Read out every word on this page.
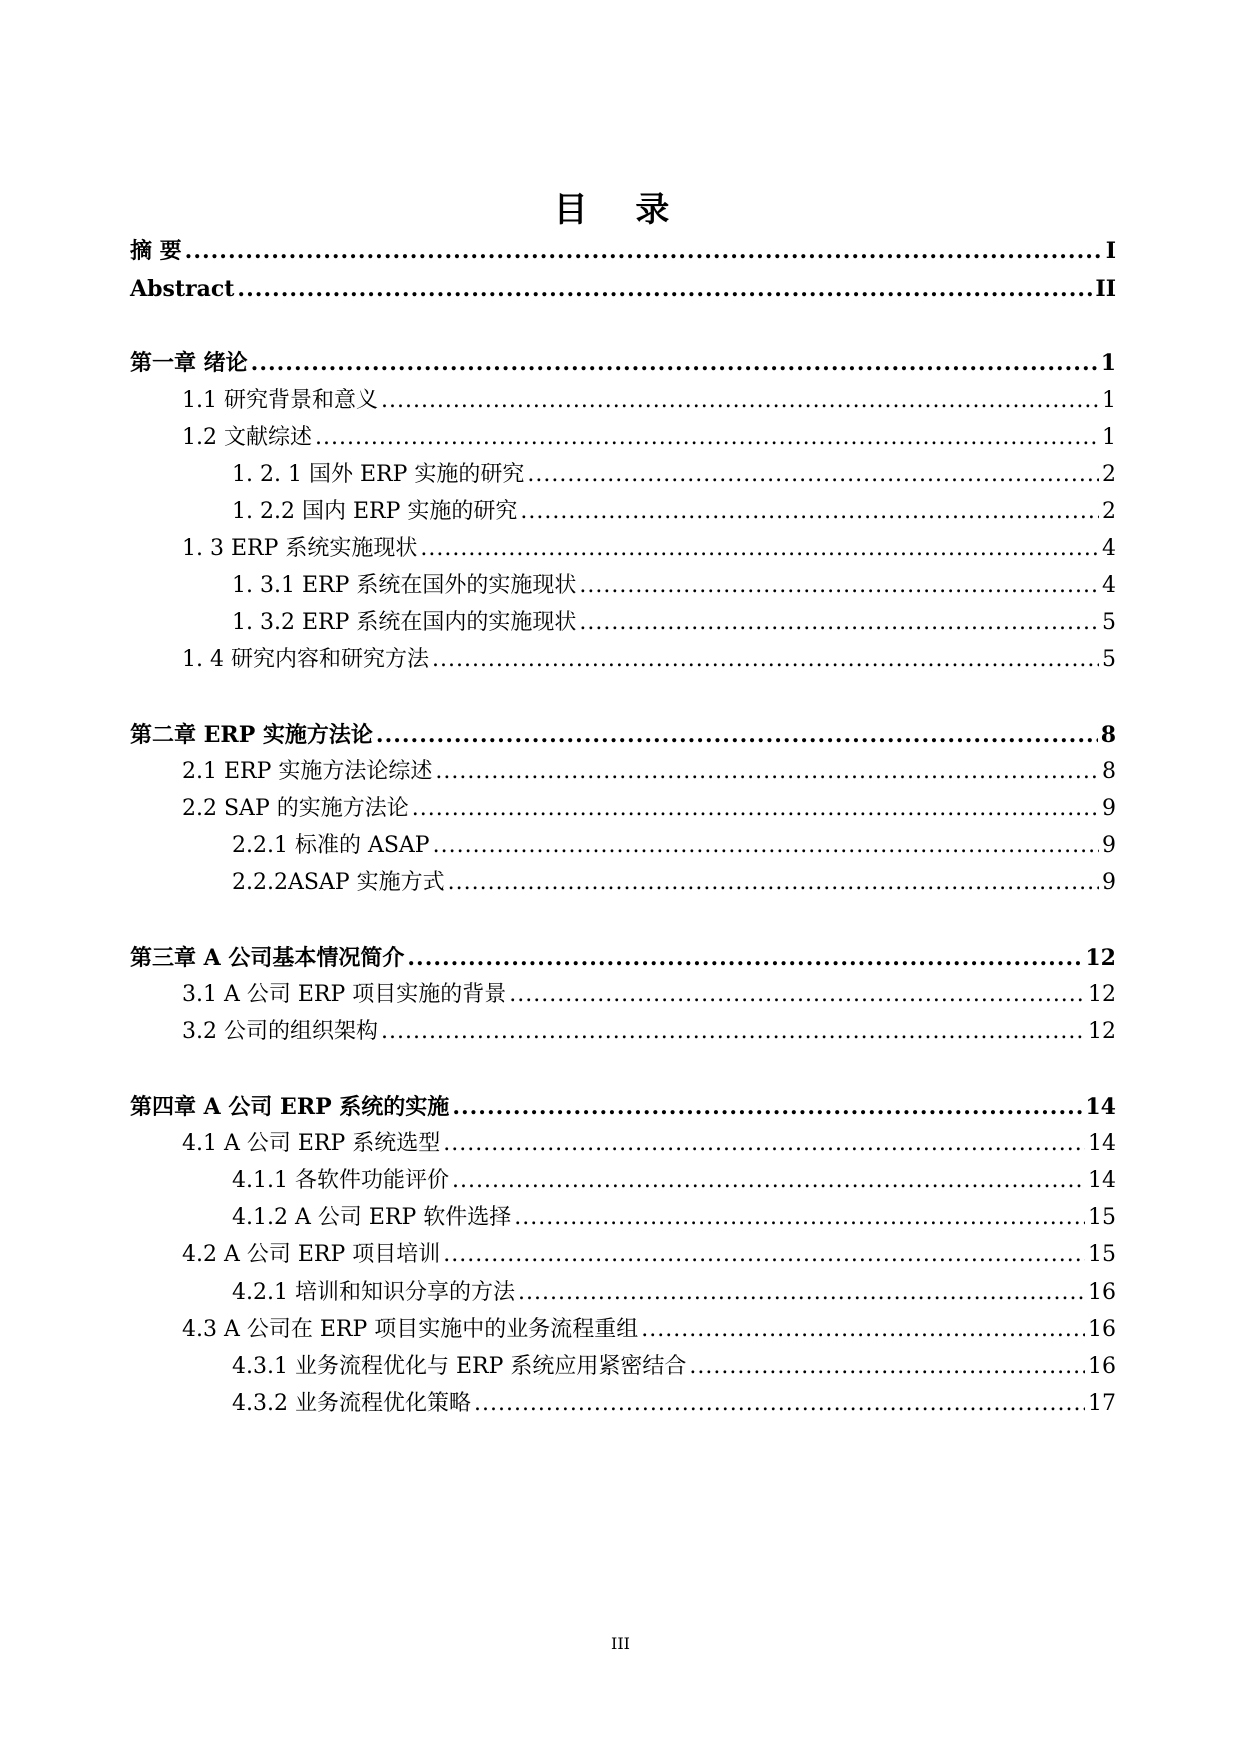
目 录
摘 要 .....	I
Abstract .....	II
第一章 绪论 .....	1
1.1 研究背景和意义 .....	1
1.2 文献综述 .....	1
1. 2. 1 国外 ERP 实施的研究 .....	2
1. 2.2 国内 ERP 实施的研究 .....	2
1. 3 ERP 系统实施现状 .....	4
1. 3.1 ERP 系统在国外的实施现状 .....	4
1. 3.2 ERP 系统在国内的实施现状 .....	5
1. 4 研究内容和研究方法 .....	5
第二章 ERP 实施方法论 .....	8
2.1 ERP 实施方法论综述 .....	8
2.2 SAP 的实施方法论 .....	9
2.2.1 标准的 ASAP .....	9
2.2.2ASAP 实施方式 .....	9
第三章 A 公司基本情况简介 .....	12
3.1 A 公司 ERP 项目实施的背景 .....	12
3.2 公司的组织架构 .....	12
第四章 A 公司 ERP 系统的实施 .....	14
4.1 A 公司 ERP 系统选型 .....	14
4.1.1 各软件功能评价 .....	14
4.1.2 A 公司 ERP 软件选择 .....	15
4.2 A 公司 ERP 项目培训 .....	15
4.2.1 培训和知识分享的方法 .....	16
4.3 A 公司在 ERP 项目实施中的业务流程重组 .....	16
4.3.1 业务流程优化与 ERP 系统应用紧密结合 .....	16
4.3.2 业务流程优化策略 .....	17
III
